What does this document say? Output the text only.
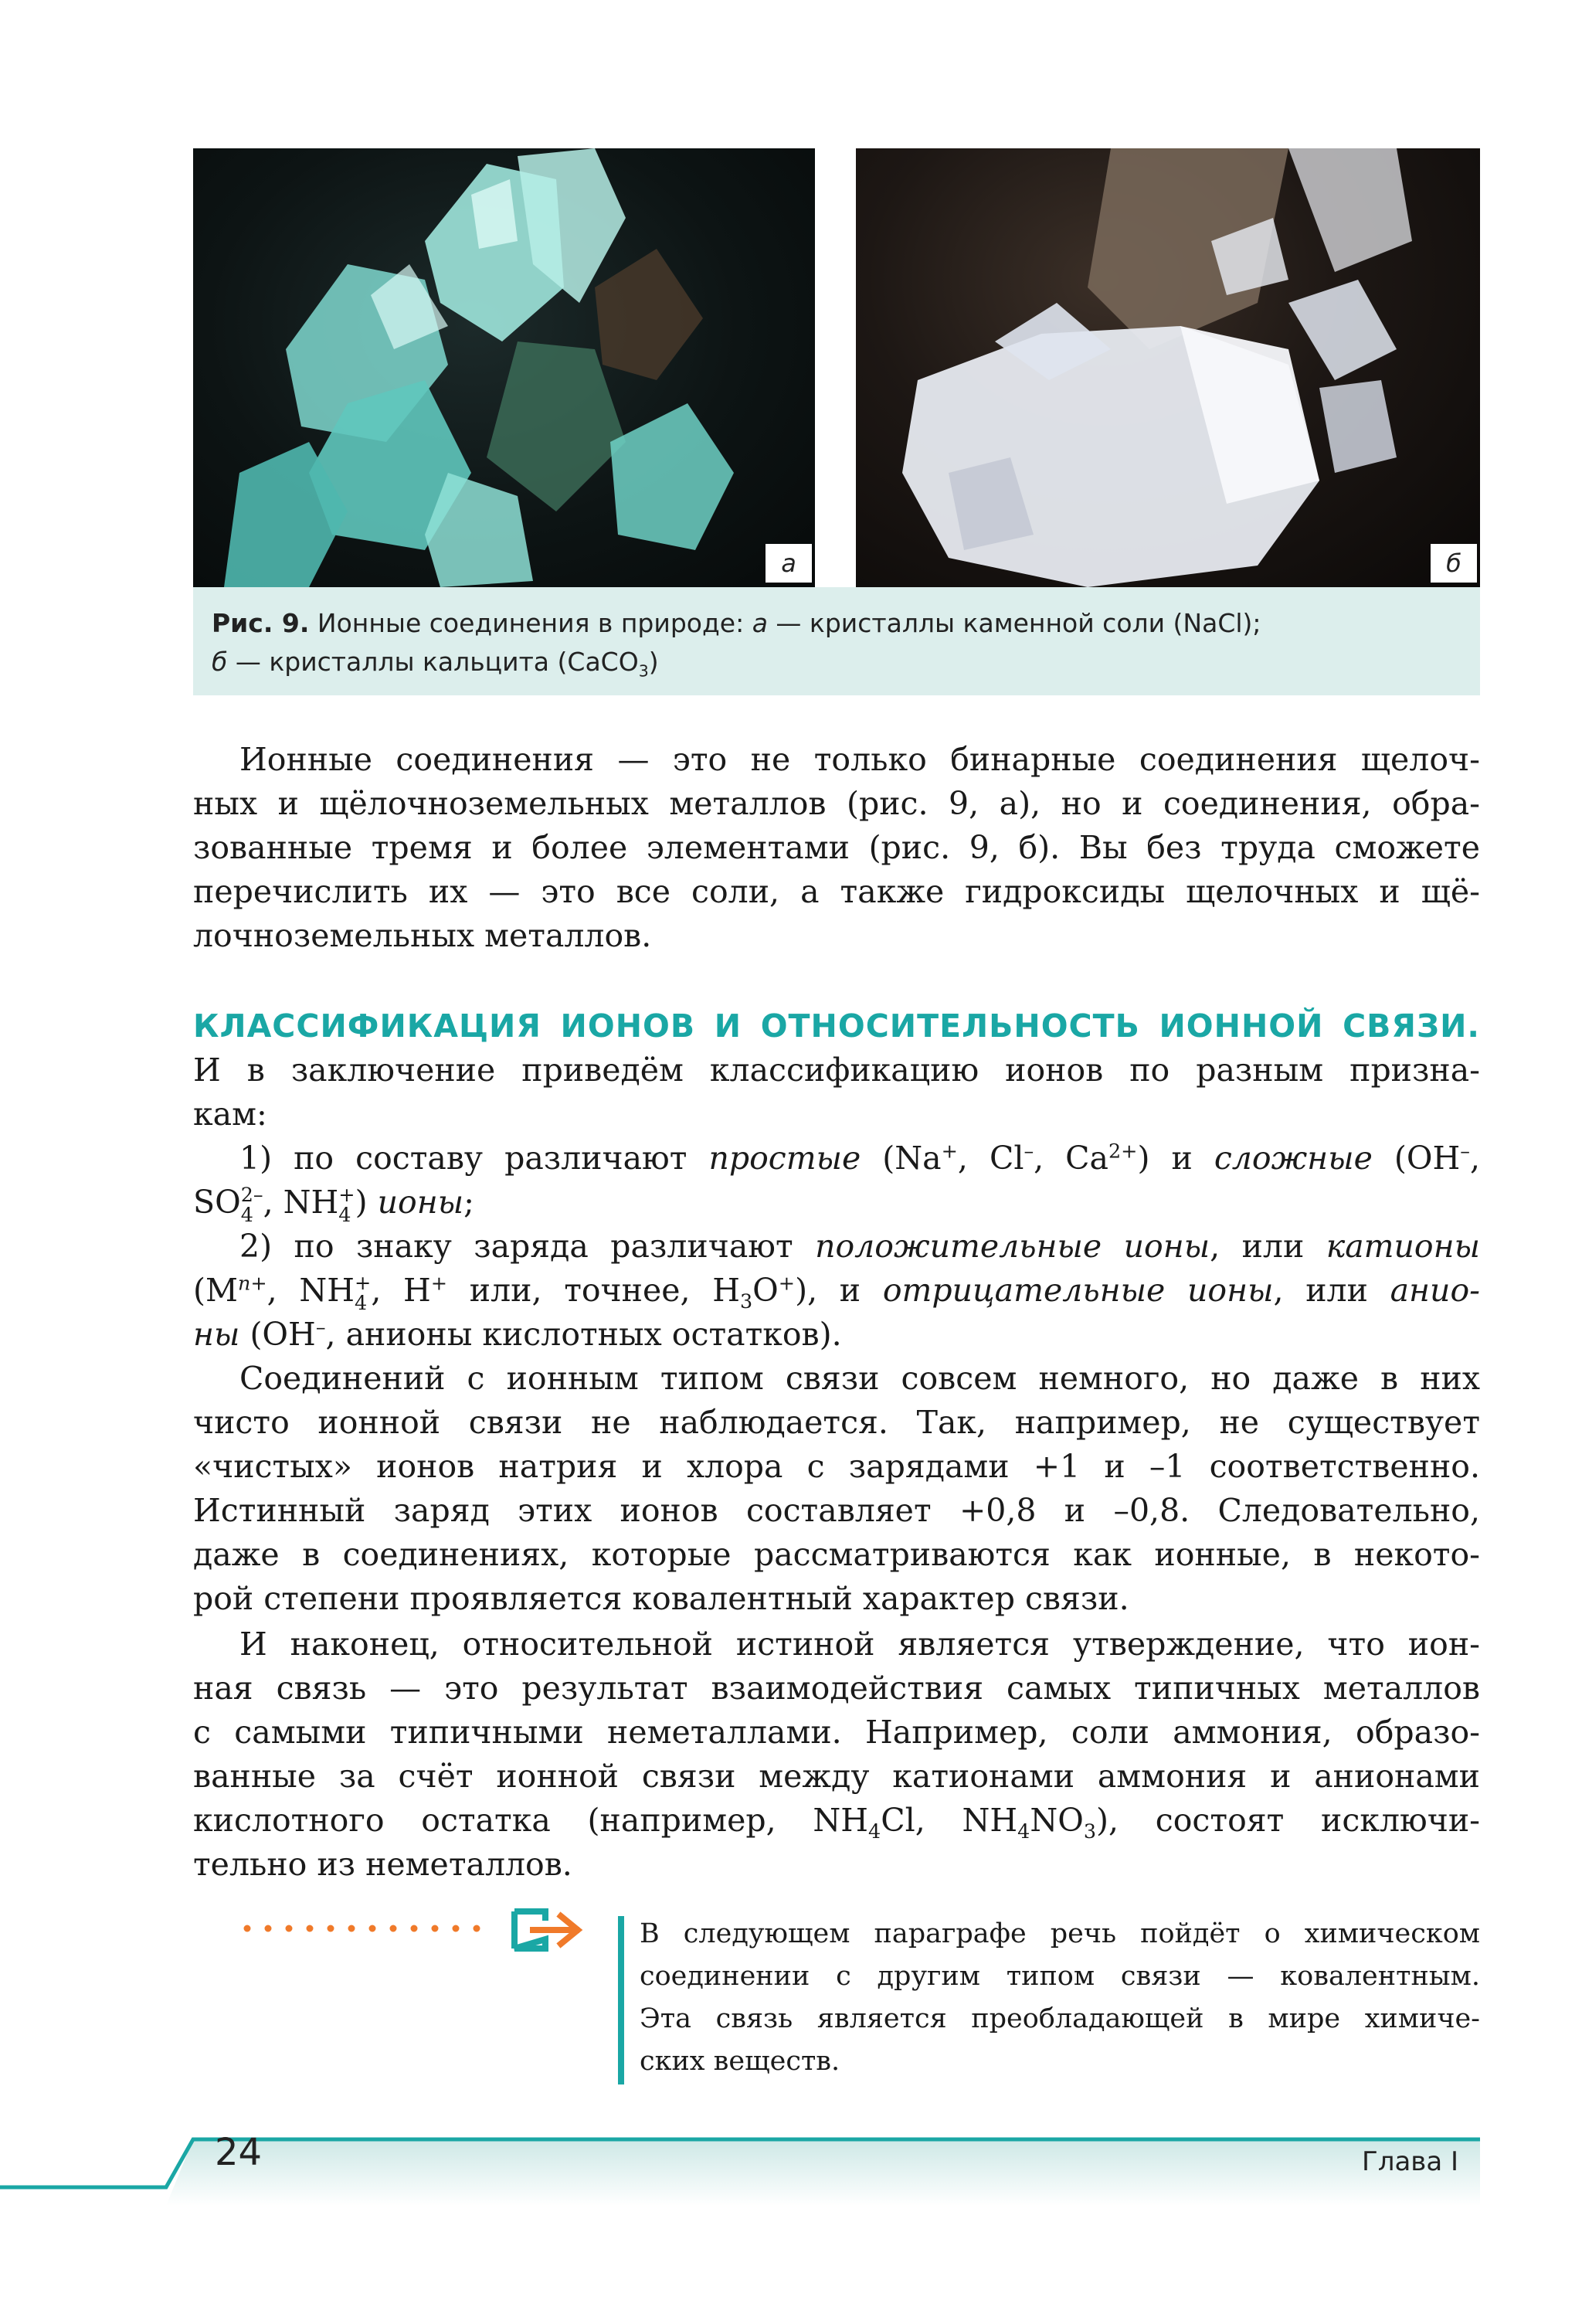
а	б
Рис. 9. Ионные соединения в природе: а — кристаллы каменной соли (NaCl);
б — кристаллы кальцита (CaCO$_3$)
Ионные соединения — это не только бинарные соединения щелоч-
ных и щёлочноземельных металлов (рис. 9, а), но и соединения, обра-
зованные тремя и более элементами (рис. 9, б). Вы без труда сможете
перечислить их — это все соли, а также гидроксиды щелочных и щё-
лочноземельных металлов.
КЛАССИФИКАЦИЯ ИОНОВ И ОТНОСИТЕЛЬНОСТЬ ИОННОЙ СВЯЗИ.
И в заключение приведём классификацию ионов по разным призна-
кам:
1) по составу различают простые (Na+, Cl–, $Ca^{2+}$) и сложные (OH–,
SO 2–
4 , NH +
4 ) ионы;
2) по знаку заряда различают положительные ионы, или катионы
($M^{n+}$, NH +
4 , H+ или, точнее, $H_3O^+$), и отрицательные ионы, или анио-
ны (OH–, анионы кислотных остатков).
Соединений с ионным типом связи совсем немного, но даже в них
чисто ионной связи не наблюдается. Так, например, не существует
«чистых» ионов натрия и хлора с зарядами +1 и –1 соответственно.
Истинный заряд этих ионов составляет +0,8 и –0,8. Следовательно,
даже в соединениях, которые рассматриваются как ионные, в некото-
рой степени проявляется ковалентный характер связи.
И наконец, относительной истиной является утверждение, что ион-
ная связь — это результат взаимодействия самых типичных металлов
с самыми типичными неметаллами. Например, соли аммония, образо-
ванные за счёт ионной связи между катионами аммония и анионами
кислотного остатка (например, $NH_4Cl$, $NH_4NO_3$), состоят исключи-
тельно из неметаллов.
В следующем параграфе речь пойдёт о химическом
соединении с другим типом связи — ковалентным.
Эта связь является преобладающей в мире химиче-
ских веществ.
24	Глава I
